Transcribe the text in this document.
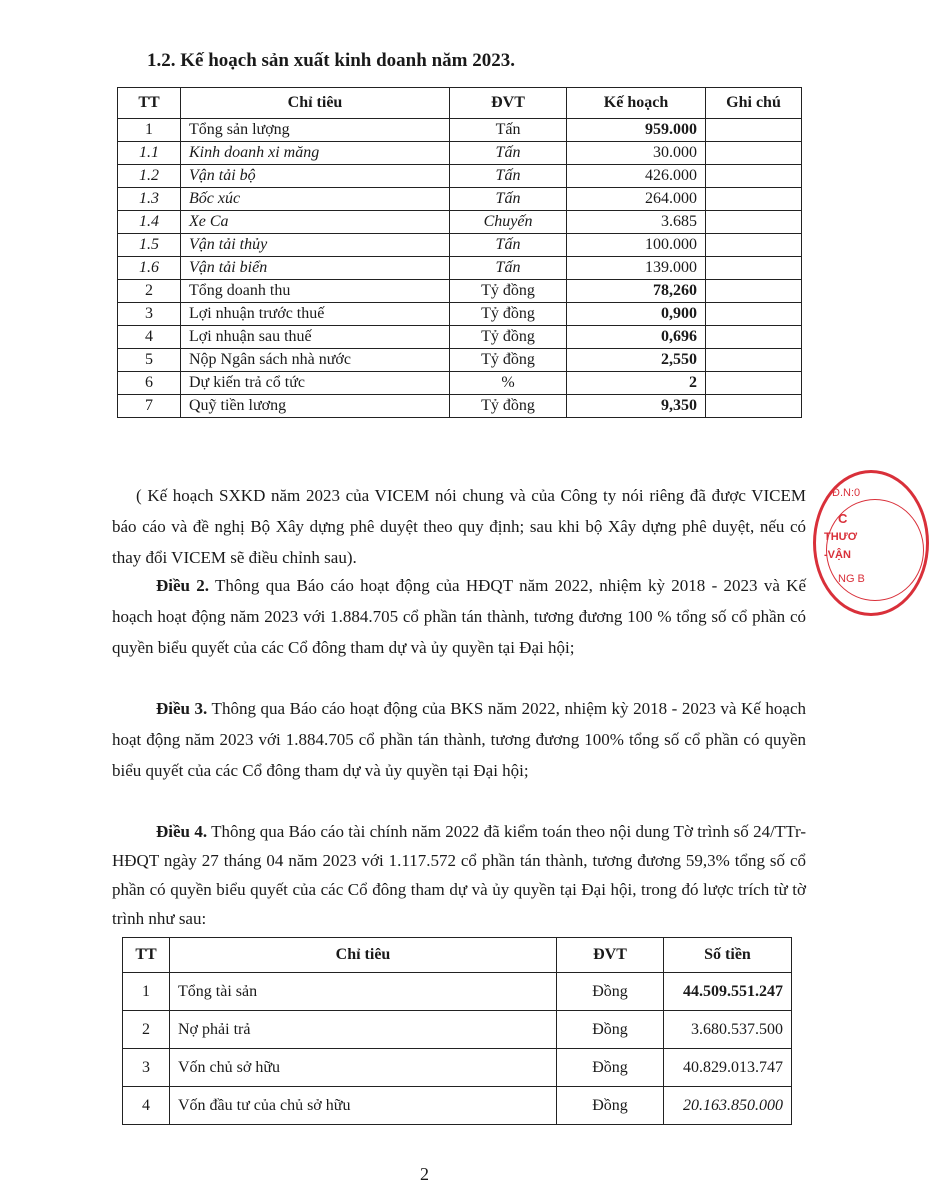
1.2. Kế hoạch sản xuất kinh doanh năm 2023.
TT	Chỉ tiêu	ĐVT	Kế hoạch	Ghi chú
1	Tổng sản lượng	Tấn	959.000	
1.1	Kinh doanh xi măng	Tấn	30.000	
1.2	Vận tải bộ	Tấn	426.000	
1.3	Bốc xúc	Tấn	264.000	
1.4	Xe Ca	Chuyến	3.685	
1.5	Vận tải thủy	Tấn	100.000	
1.6	Vận tải biển	Tấn	139.000	
2	Tổng doanh thu	Tỷ đồng	78,260	
3	Lợi nhuận trước thuế	Tỷ đồng	0,900	
4	Lợi nhuận sau thuế	Tỷ đồng	0,696	
5	Nộp Ngân sách nhà nước	Tỷ đồng	2,550	
6	Dự kiến trả cổ tức	%	2	
7	Quỹ tiền lương	Tỷ đồng	9,350	

( Kế hoạch SXKD năm 2023 của VICEM nói chung và của Công ty nói riêng đã được VICEM báo cáo và đề nghị Bộ Xây dựng phê duyệt theo quy định; sau khi bộ Xây dựng phê duyệt, nếu có thay đổi VICEM sẽ điều chỉnh sau).

Điều 2. Thông qua Báo cáo hoạt động của HĐQT năm 2022, nhiệm kỳ 2018 - 2023 và Kế hoạch hoạt động năm 2023 với 1.884.705 cổ phần tán thành, tương đương 100 % tổng số cổ phần có quyền biểu quyết của các Cổ đông tham dự và ủy quyền tại Đại hội;

Điều 3. Thông qua Báo cáo hoạt động của BKS năm 2022, nhiệm kỳ 2018 - 2023 và Kế hoạch hoạt động năm 2023 với 1.884.705 cổ phần tán thành, tương đương 100% tổng số cổ phần có quyền biểu quyết của các Cổ đông tham dự và ủy quyền tại Đại hội;

Điều 4. Thông qua Báo cáo tài chính năm 2022 đã kiểm toán theo nội dung Tờ trình số 24/TTr-HĐQT ngày 27 tháng 04 năm 2023 với 1.117.572 cổ phần tán thành, tương đương 59,3% tổng số cổ phần có quyền biểu quyết của các Cổ đông tham dự và ủy quyền tại Đại hội, trong đó lược trích từ tờ trình như sau:

TT	Chỉ tiêu	ĐVT	Số tiền
1	Tổng tài sản	Đồng	44.509.551.247
2	Nợ phải trả	Đồng	3.680.537.500
3	Vốn chủ sở hữu	Đồng	40.829.013.747
4	Vốn đầu tư của chủ sở hữu	Đồng	20.163.850.000
Đ.N:0
C
THƯƠ
-VẬN
NG B
2
